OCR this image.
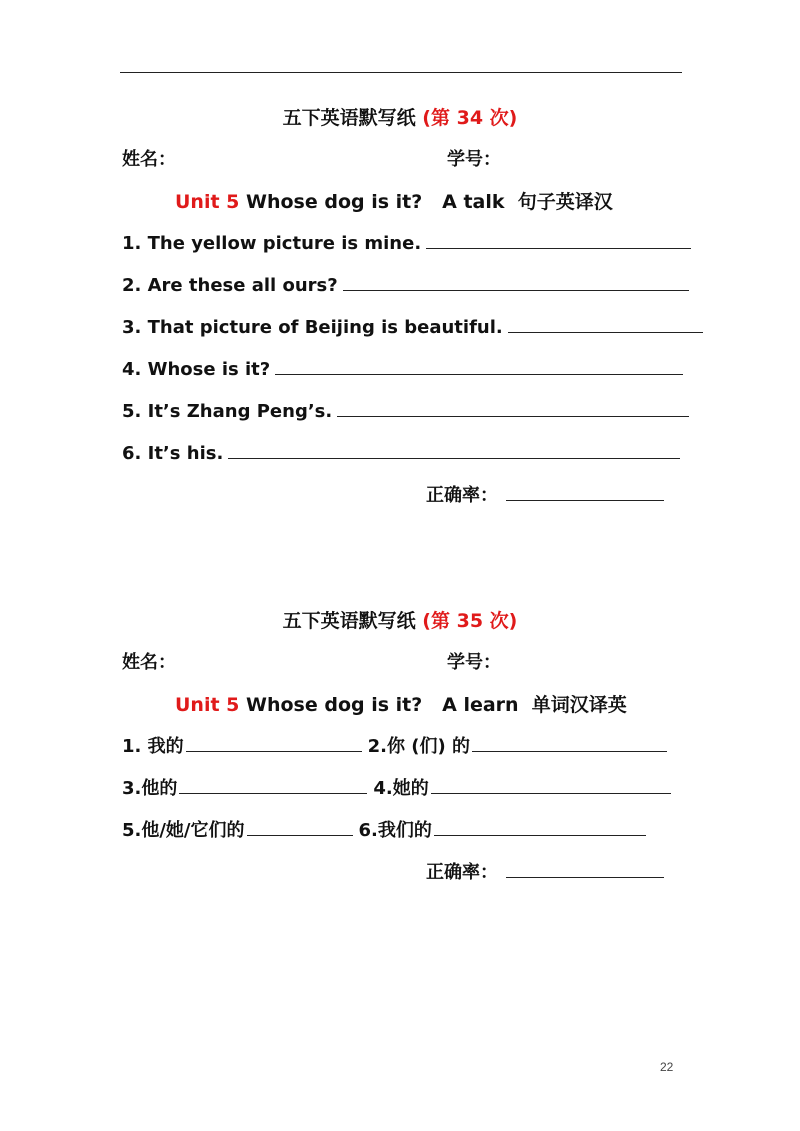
五下英语默写纸 (第 34 次)
姓名：	学号：
Unit 5 Whose dog is it?   A talk  句子英译汉
1. The yellow picture is mine.
2. Are these all ours?
3. That picture of Beijing is beautiful.
4. Whose is it?
5. It’s Zhang Peng’s.
6. It’s his.
正确率：
五下英语默写纸 (第 35 次)
姓名：	学号：
Unit 5 Whose dog is it?   A learn  单词汉译英
1. 我的	2.你 (们) 的
3.他的	4.她的
5.他/她/它们的	6.我们的
正确率：
22
